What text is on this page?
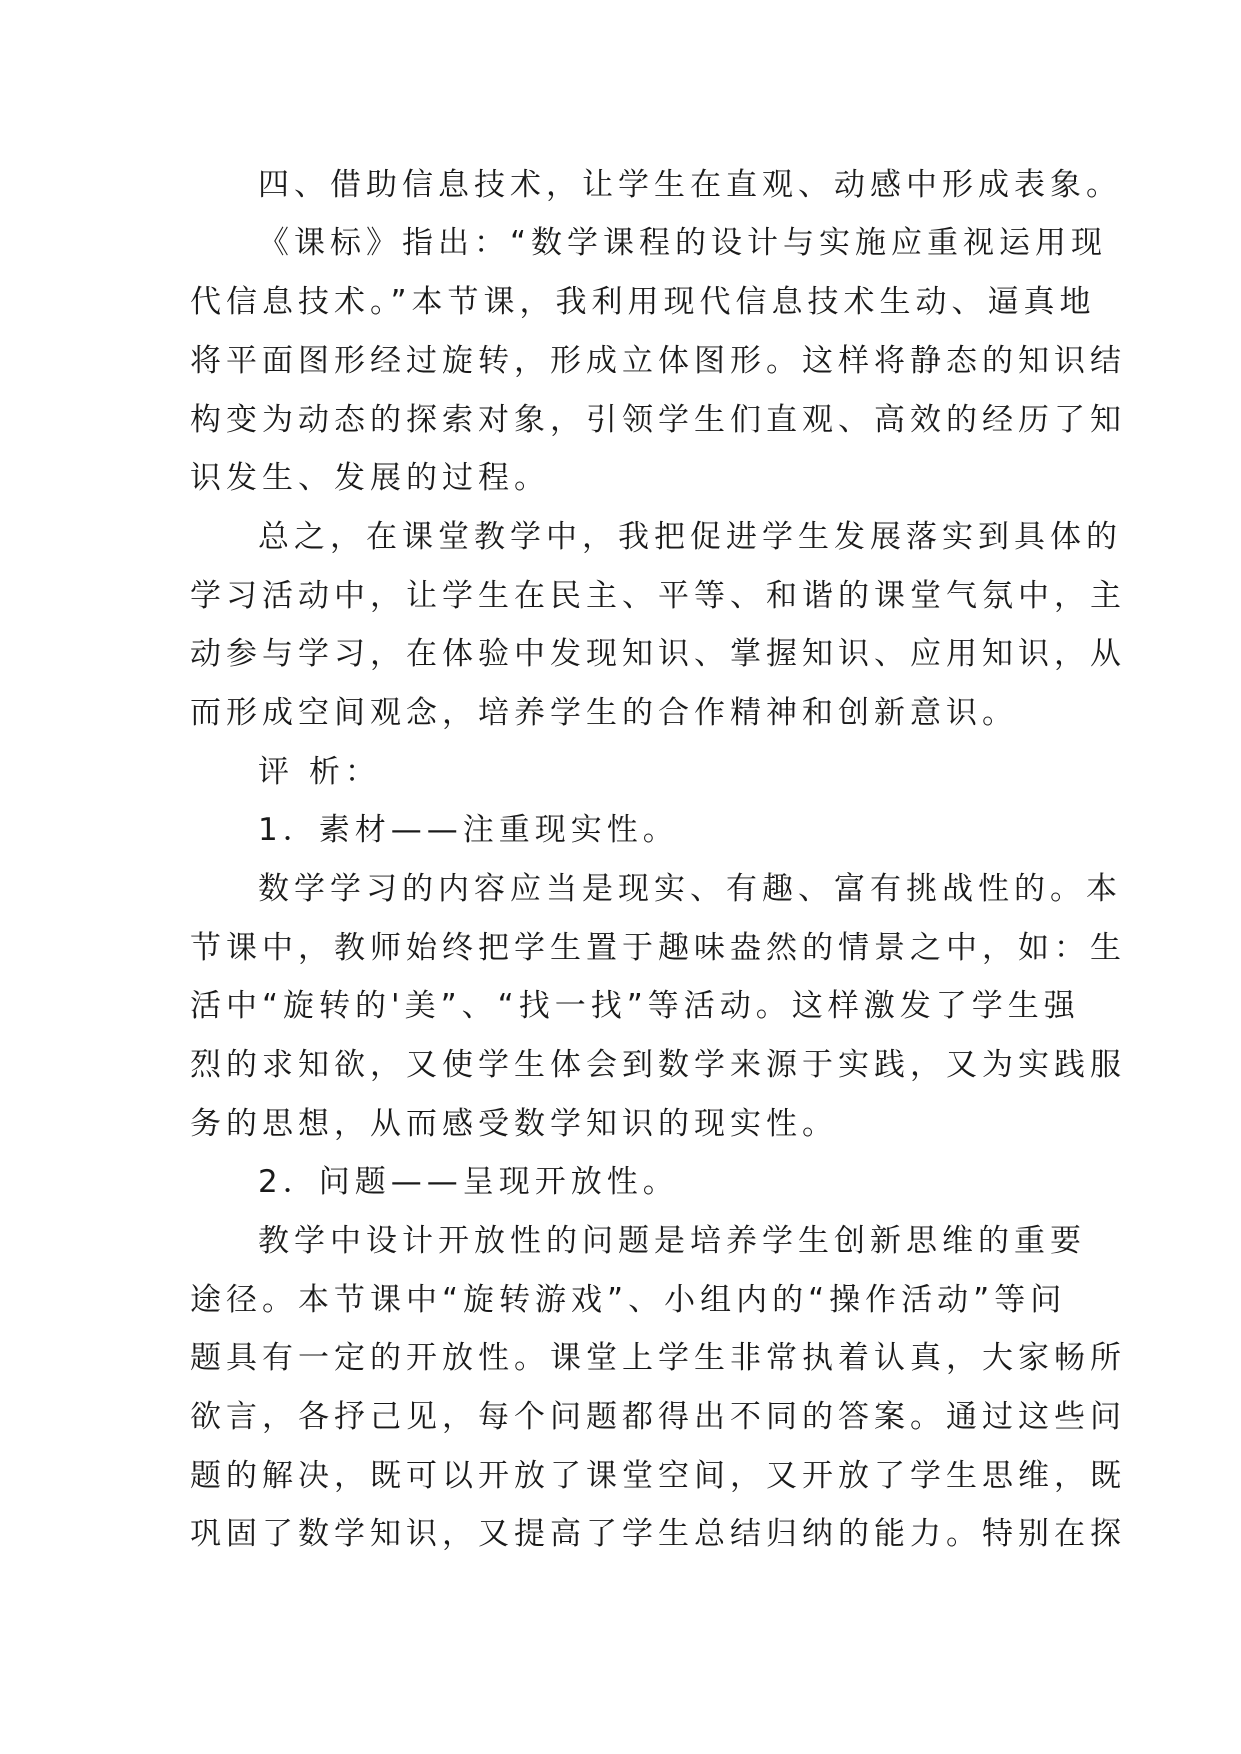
四、借助信息技术，让学生在直观、动感中形成表象。
《课标》指出：“数学课程的设计与实施应重视运用现
代信息技术。”本节课，我利用现代信息技术生动、逼真地
将平面图形经过旋转，形成立体图形。这样将静态的知识结
构变为动态的探索对象，引领学生们直观、高效的经历了知
识发生、发展的过程。
总之，在课堂教学中，我把促进学生发展落实到具体的
学习活动中，让学生在民主、平等、和谐的课堂气氛中，主
动参与学习，在体验中发现知识、掌握知识、应用知识，从
而形成空间观念，培养学生的合作精神和创新意识。
评 析：
1．素材——注重现实性。
数学学习的内容应当是现实、有趣、富有挑战性的。本
节课中，教师始终把学生置于趣味盎然的情景之中，如：生
活中“旋转的'美”、“找一找”等活动。这样激发了学生强
烈的求知欲，又使学生体会到数学来源于实践，又为实践服
务的思想，从而感受数学知识的现实性。
2．问题——呈现开放性。
教学中设计开放性的问题是培养学生创新思维的重要
途径。本节课中“旋转游戏”、小组内的“操作活动”等问
题具有一定的开放性。课堂上学生非常执着认真，大家畅所
欲言，各抒己见，每个问题都得出不同的答案。通过这些问
题的解决，既可以开放了课堂空间，又开放了学生思维，既
巩固了数学知识，又提高了学生总结归纳的能力。特别在探
